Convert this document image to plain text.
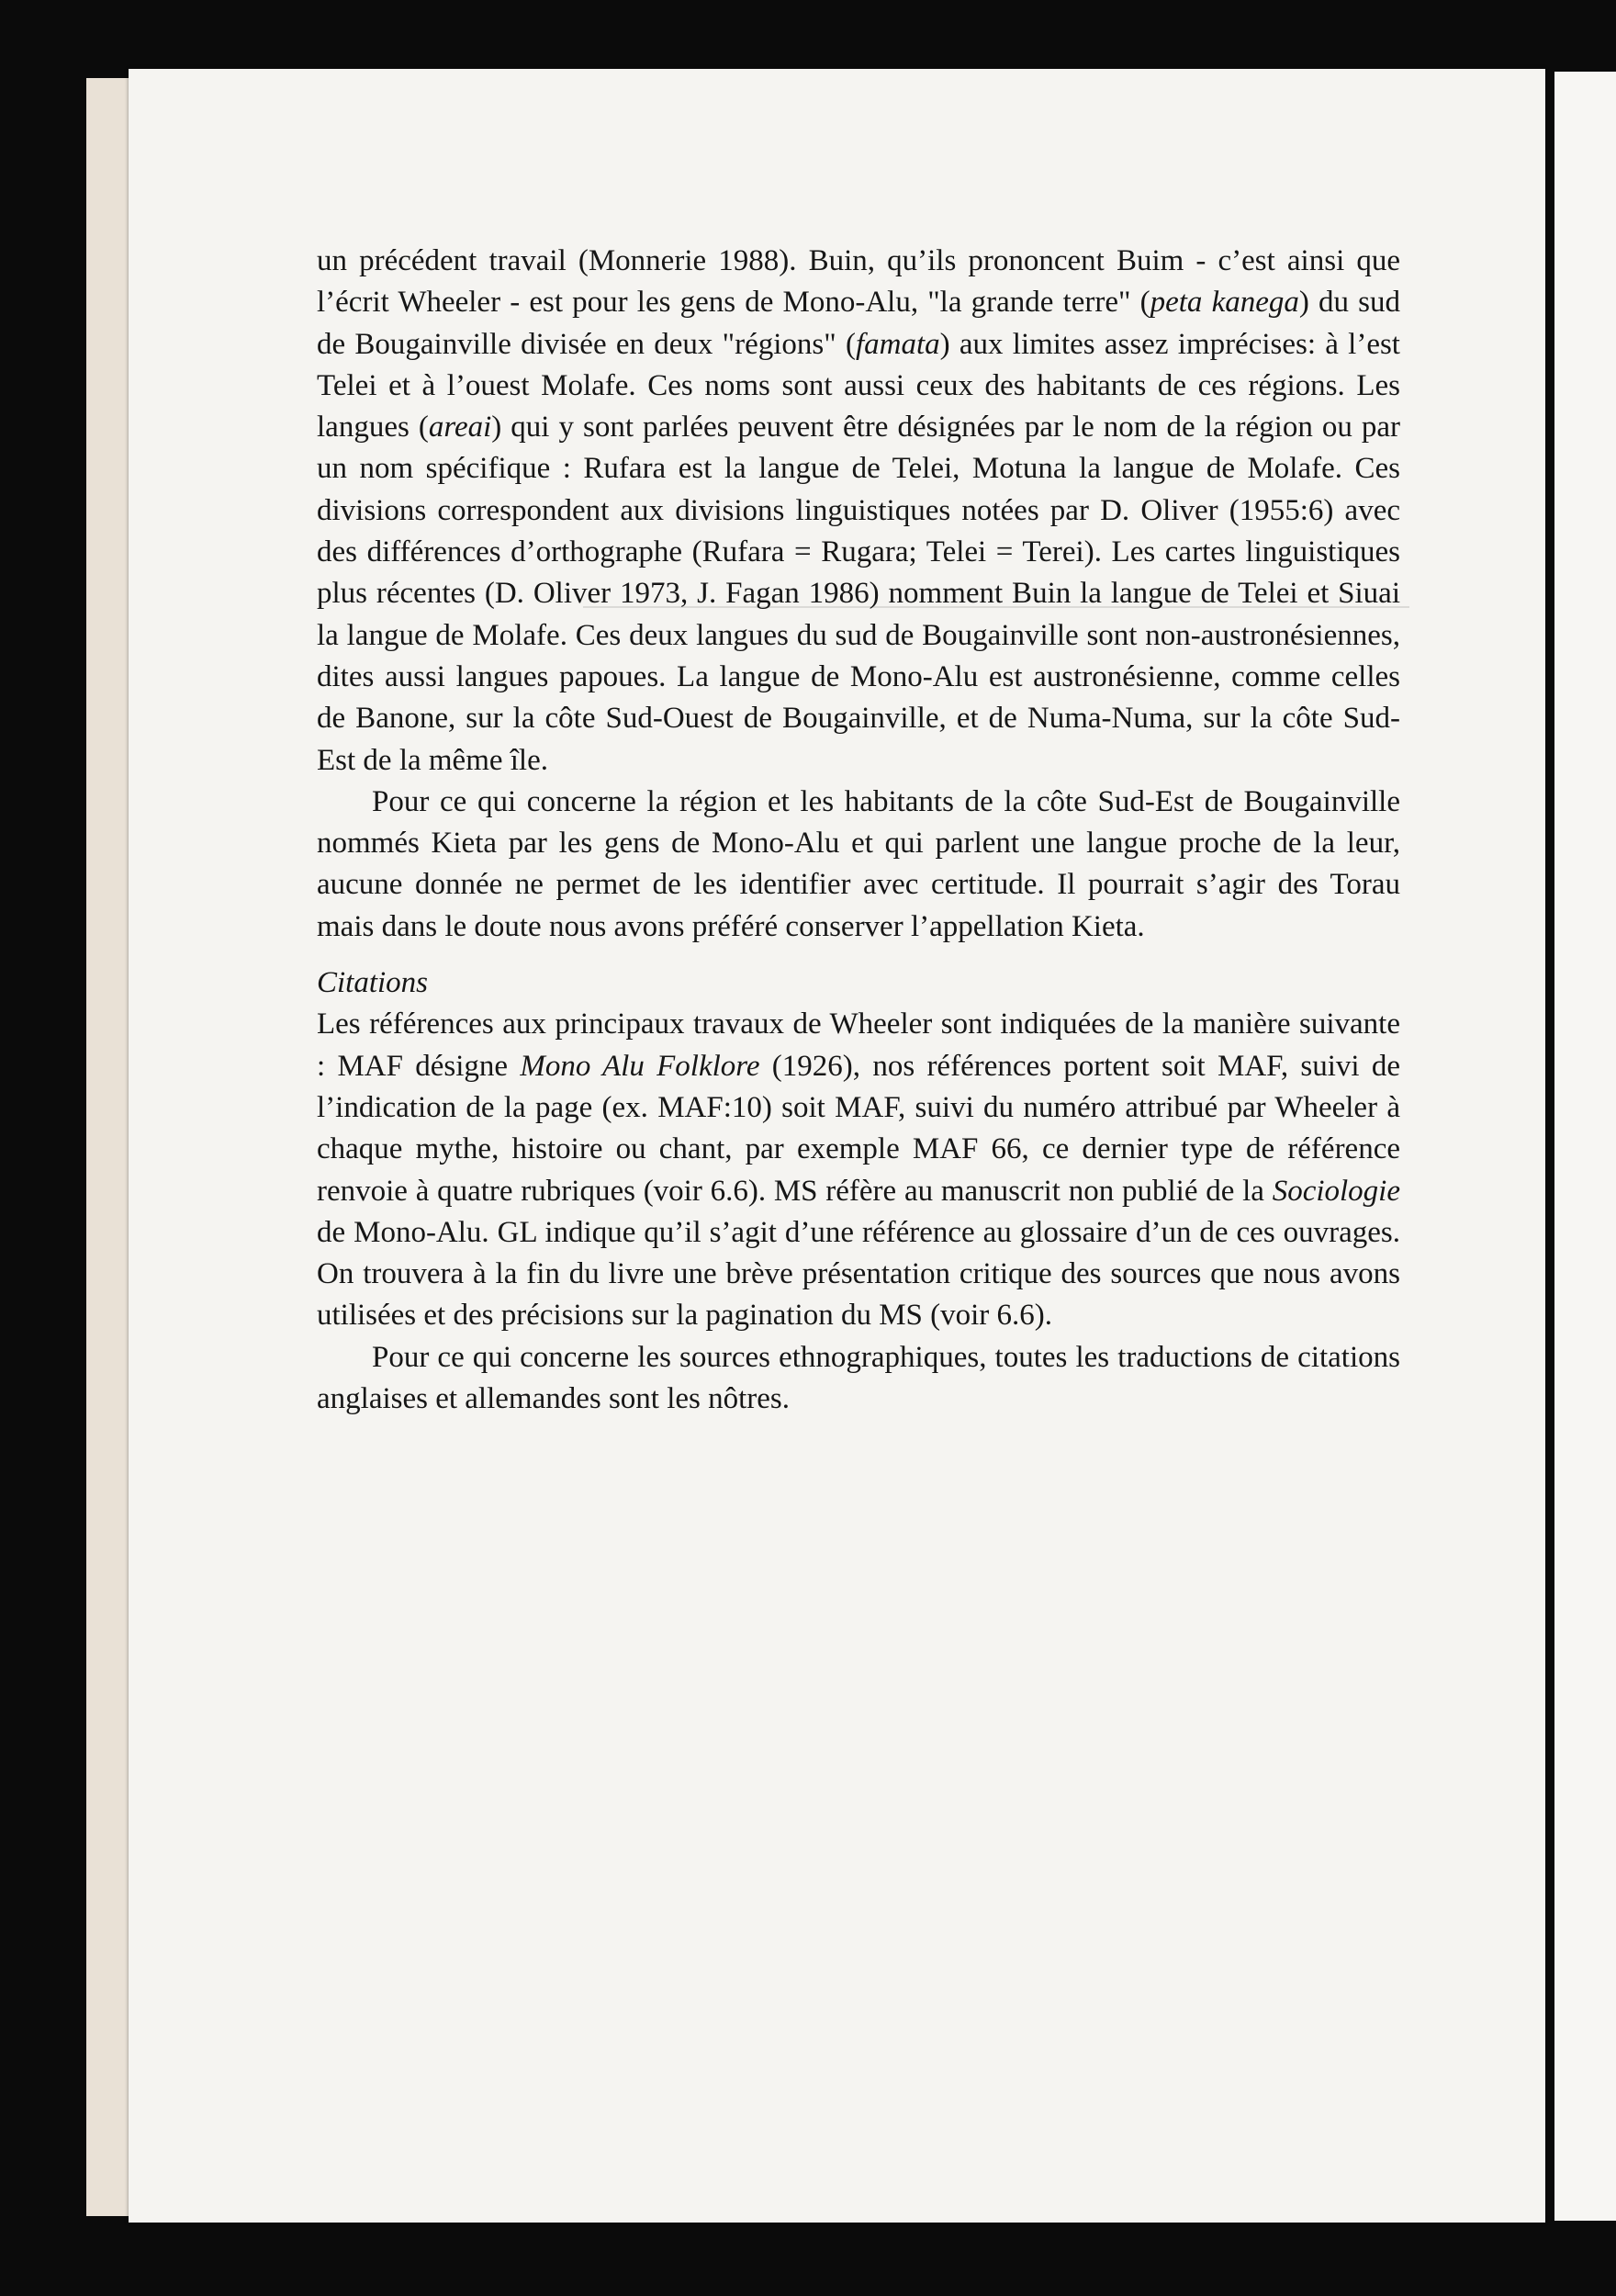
un précédent travail (Monnerie 1988). Buin, qu’ils prononcent Buim - c’est ainsi que l’écrit Wheeler - est pour les gens de Mono-Alu, "la grande terre" (peta kanega) du sud de Bougainville divisée en deux "régions" (famata) aux limites assez imprécises: à l’est Telei et à l’ouest Molafe. Ces noms sont aussi ceux des habitants de ces régions. Les langues (areai) qui y sont parlées peuvent être désignées par le nom de la région ou par un nom spécifique : Rufara est la langue de Telei, Motuna la langue de Molafe. Ces divisions correspondent aux divisions linguistiques notées par D. Oliver (1955:6) avec des différences d’orthographe (Rufara = Rugara; Telei = Terei). Les cartes linguistiques plus récentes (D. Oliver 1973, J. Fagan 1986) nomment Buin la langue de Telei et Siuai la langue de Molafe. Ces deux langues du sud de Bougainville sont non-austronésiennes, dites aussi langues papoues. La langue de Mono-Alu est austronésienne, comme celles de Banone, sur la côte Sud-Ouest de Bougainville, et de Numa-Numa, sur la côte Sud-Est de la même île.

Pour ce qui concerne la région et les habitants de la côte Sud-Est de Bougainville nommés Kieta par les gens de Mono-Alu et qui parlent une langue proche de la leur, aucune donnée ne permet de les identifier avec certitude. Il pourrait s’agir des Torau mais dans le doute nous avons préféré conserver l’appellation Kieta.

Citations

Les références aux principaux travaux de Wheeler sont indiquées de la manière suivante : MAF désigne Mono Alu Folklore (1926), nos références portent soit MAF, suivi de l’indication de la page (ex. MAF:10) soit MAF, suivi du numéro attribué par Wheeler à chaque mythe, histoire ou chant, par exemple MAF 66, ce dernier type de référence renvoie à quatre rubriques (voir 6.6). MS réfère au manuscrit non publié de la Sociologie de Mono-Alu. GL indique qu’il s’agit d’une référence au glossaire d’un de ces ouvrages. On trouvera à la fin du livre une brève présentation critique des sources que nous avons utilisées et des précisions sur la pagination du MS (voir 6.6).

Pour ce qui concerne les sources ethnographiques, toutes les traductions de citations anglaises et allemandes sont les nôtres.
